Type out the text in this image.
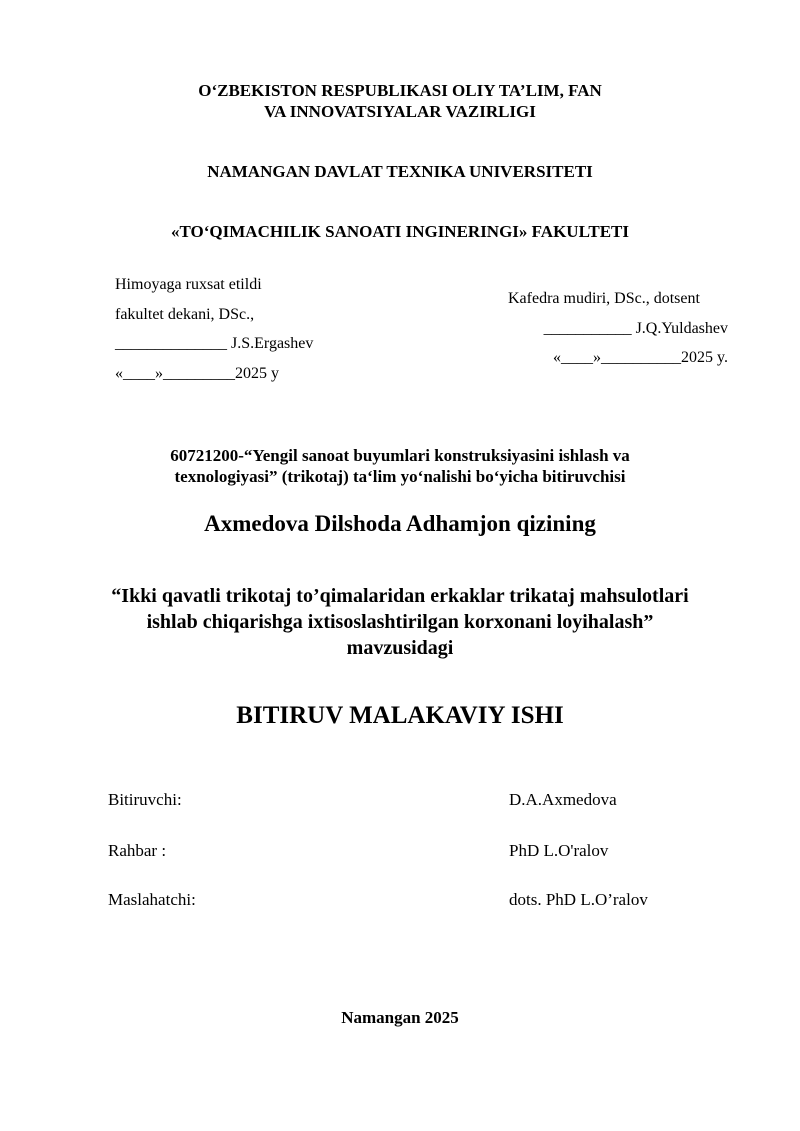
O‘ZBEKISTON RESPUBLIKASI OLIY TA’LIM, FAN
VA INNOVATSIYALAR VAZIRLIGI
NAMANGAN DAVLAT TEXNIKA UNIVERSITETI
«TO‘QIMACHILIK SANOATI INGINERINGI» FAKULTETI
Himoyaga ruxsat etildi
fakultet dekani, DSc.,
______________ J.S.Ergashev
«____»_________2025 y
Kafedra mudiri, DSc., dotsent
___________ J.Q.Yuldashev
«____»__________2025 y.
60721200-“Yengil sanoat buyumlari konstruksiyasini ishlash va
texnologiyasi” (trikotaj) ta‘lim yo‘nalishi bo‘yicha bitiruvchisi
Axmedova Dilshoda Adhamjon qizining
“Ikki qavatli trikotaj to’qimalaridan erkaklar trikataj mahsulotlari
ishlab chiqarishga ixtisoslashtirilgan korxonani loyihalash”
mavzusidagi
BITIRUV MALAKAVIY ISHI
Bitiruvchi:	D.A.Axmedova
Rahbar :	PhD L.O'ralov
Maslahatchi:	dots. PhD L.O’ralov
Namangan 2025
